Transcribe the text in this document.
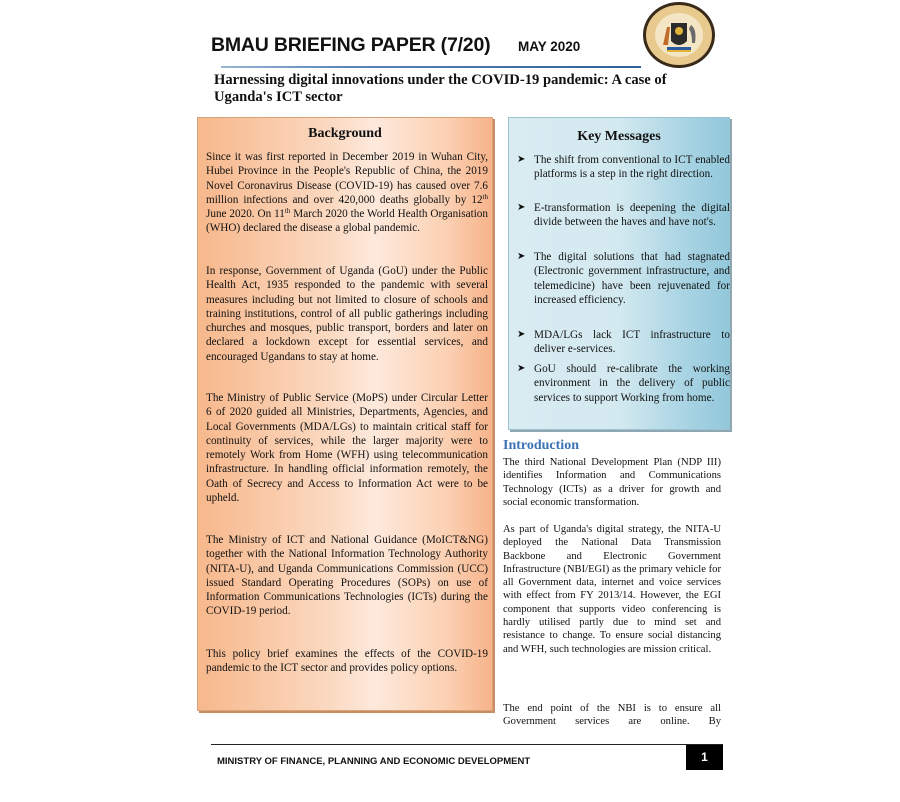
BMAU BRIEFING PAPER (7/20) MAY 2020
Harnessing digital innovations under the COVID-19 pandemic: A case of Uganda's ICT sector
Background
Since it was first reported in December 2019 in Wuhan City, Hubei Province in the People's Republic of China, the 2019 Novel Coronavirus Disease (COVID-19) has caused over 7.6 million infections and over 420,000 deaths globally by 12th June 2020. On 11th March 2020 the World Health Organisation (WHO) declared the disease a global pandemic.
In response, Government of Uganda (GoU) under the Public Health Act, 1935 responded to the pandemic with several measures including but not limited to closure of schools and training institutions, control of all public gatherings including churches and mosques, public transport, borders and later on declared a lockdown except for essential services, and encouraged Ugandans to stay at home.
The Ministry of Public Service (MoPS) under Circular Letter 6 of 2020 guided all Ministries, Departments, Agencies, and Local Governments (MDA/LGs) to maintain critical staff for continuity of services, while the larger majority were to remotely Work from Home (WFH) using telecommunication infrastructure. In handling official information remotely, the Oath of Secrecy and Access to Information Act were to be upheld.
The Ministry of ICT and National Guidance (MoICT&NG) together with the National Information Technology Authority (NITA-U), and Uganda Communications Commission (UCC) issued Standard Operating Procedures (SOPs) on use of Information Communications Technologies (ICTs) during the COVID-19 period.
This policy brief examines the effects of the COVID-19 pandemic to the ICT sector and provides policy options.
Key Messages
➤ The shift from conventional to ICT enabled platforms is a step in the right direction.
➤ E-transformation is deepening the digital divide between the haves and have not's.
➤ The digital solutions that had stagnated (Electronic government infrastructure, and telemedicine) have been rejuvenated for increased efficiency.
➤ MDA/LGs lack ICT infrastructure to deliver e-services.
➤ GoU should re-calibrate the working environment in the delivery of public services to support Working from home.
Introduction
The third National Development Plan (NDP III) identifies Information and Communications Technology (ICTs) as a driver for growth and social economic transformation.
As part of Uganda's digital strategy, the NITA-U deployed the National Data Transmission Backbone and Electronic Government Infrastructure (NBI/EGI) as the primary vehicle for all Government data, internet and voice services with effect from FY 2013/14. However, the EGI component that supports video conferencing is hardly utilised partly due to mind set and resistance to change. To ensure social distancing and WFH, such technologies are mission critical.
The end point of the NBI is to ensure all Government services are online. By
MINISTRY OF FINANCE, PLANNING AND ECONOMIC DEVELOPMENT	1
